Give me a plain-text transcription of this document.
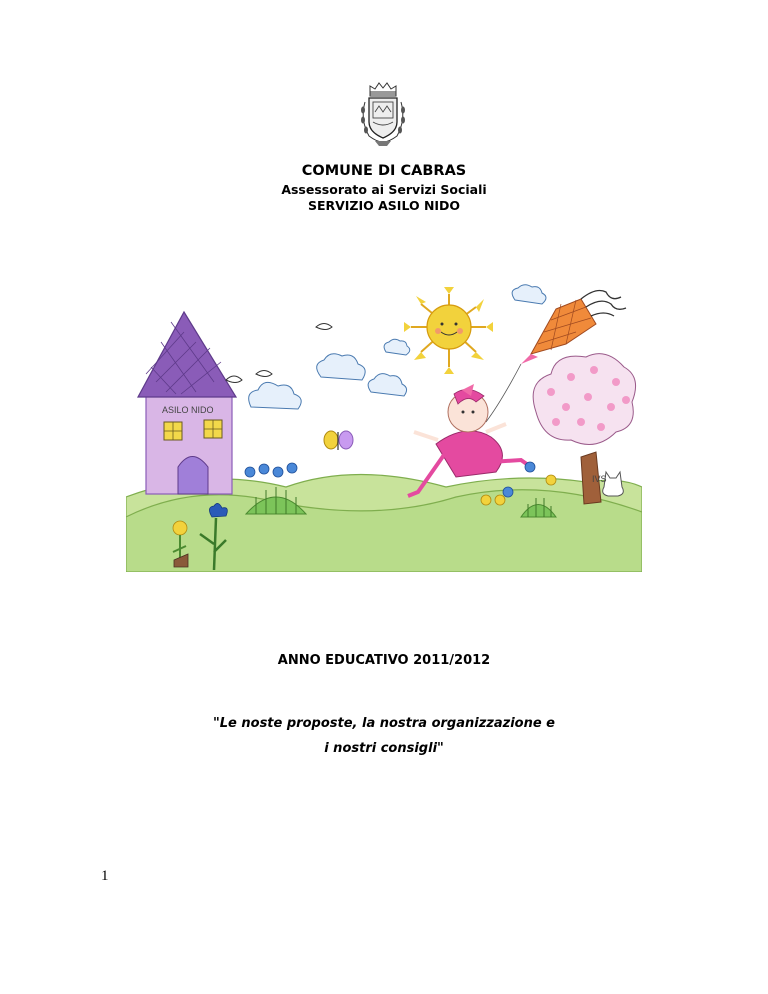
COMUNE DI CABRAS
Assessorato ai Servizi Sociali
SERVIZIO ASILO NIDO
ASILO NIDO
IVS
ANNO EDUCATIVO 2011/2012
"Le noste proposte, la nostra organizzazione e
i nostri consigli"
1
